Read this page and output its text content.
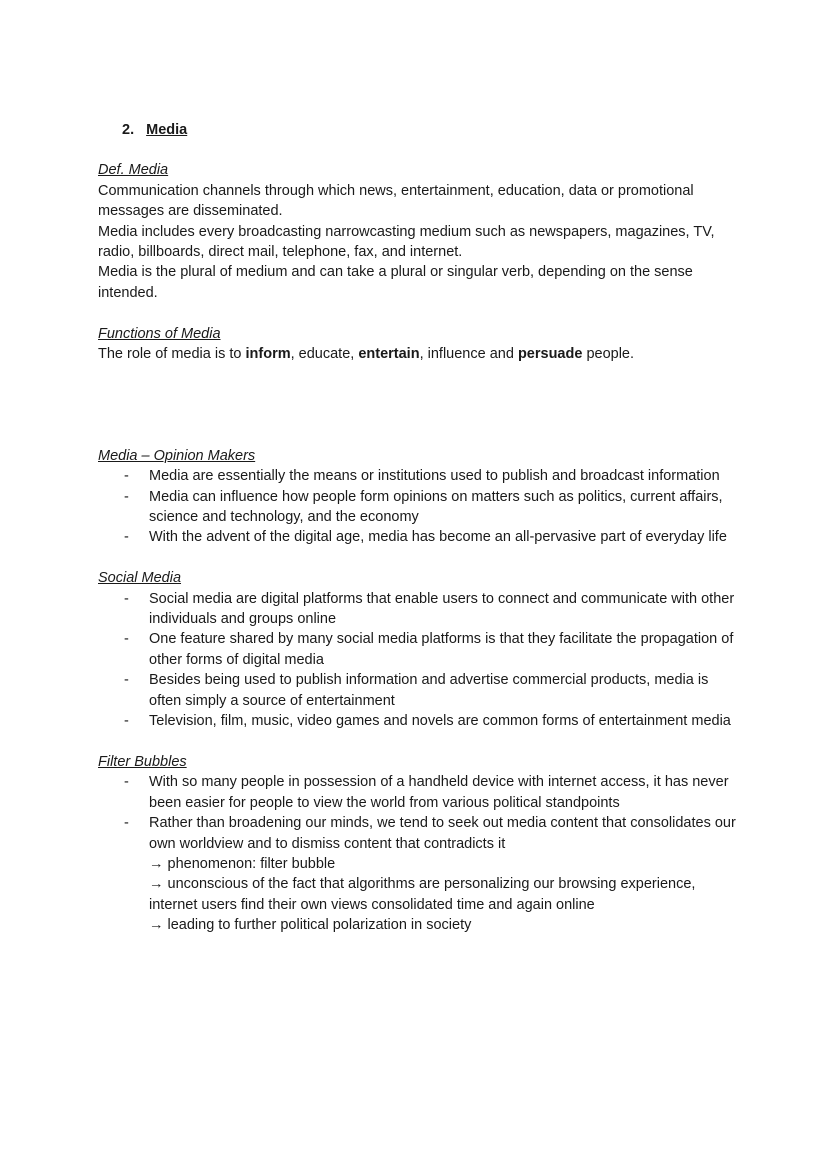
2. Media
Def. Media

Communication channels through which news, entertainment, education, data or promotional messages are disseminated.

Media includes every broadcasting narrowcasting medium such as newspapers, magazines, TV, radio, billboards, direct mail, telephone, fax, and internet.

Media is the plural of medium and can take a plural or singular verb, depending on the sense intended.

Functions of Media

The role of media is to inform, educate, entertain, influence and persuade people.

Media – Opinion Makers
- Media are essentially the means or institutions used to publish and broadcast information
- Media can influence how people form opinions on matters such as politics, current affairs, science and technology, and the economy
- With the advent of the digital age, media has become an all-pervasive part of everyday life
Social Media
- Social media are digital platforms that enable users to connect and communicate with other individuals and groups online
- One feature shared by many social media platforms is that they facilitate the propagation of other forms of digital media
- Besides being used to publish information and advertise commercial products, media is often simply a source of entertainment
- Television, film, music, video games and novels are common forms of entertainment media
Filter Bubbles
- With so many people in possession of a handheld device with internet access, it has never been easier for people to view the world from various political standpoints
- Rather than broadening our minds, we tend to seek out media content that consolidates our own worldview and to dismiss content that contradicts it
→ phenomenon: filter bubble
→ unconscious of the fact that algorithms are personalizing our browsing experience, internet users find their own views consolidated time and again online
→ leading to further political polarization in society
